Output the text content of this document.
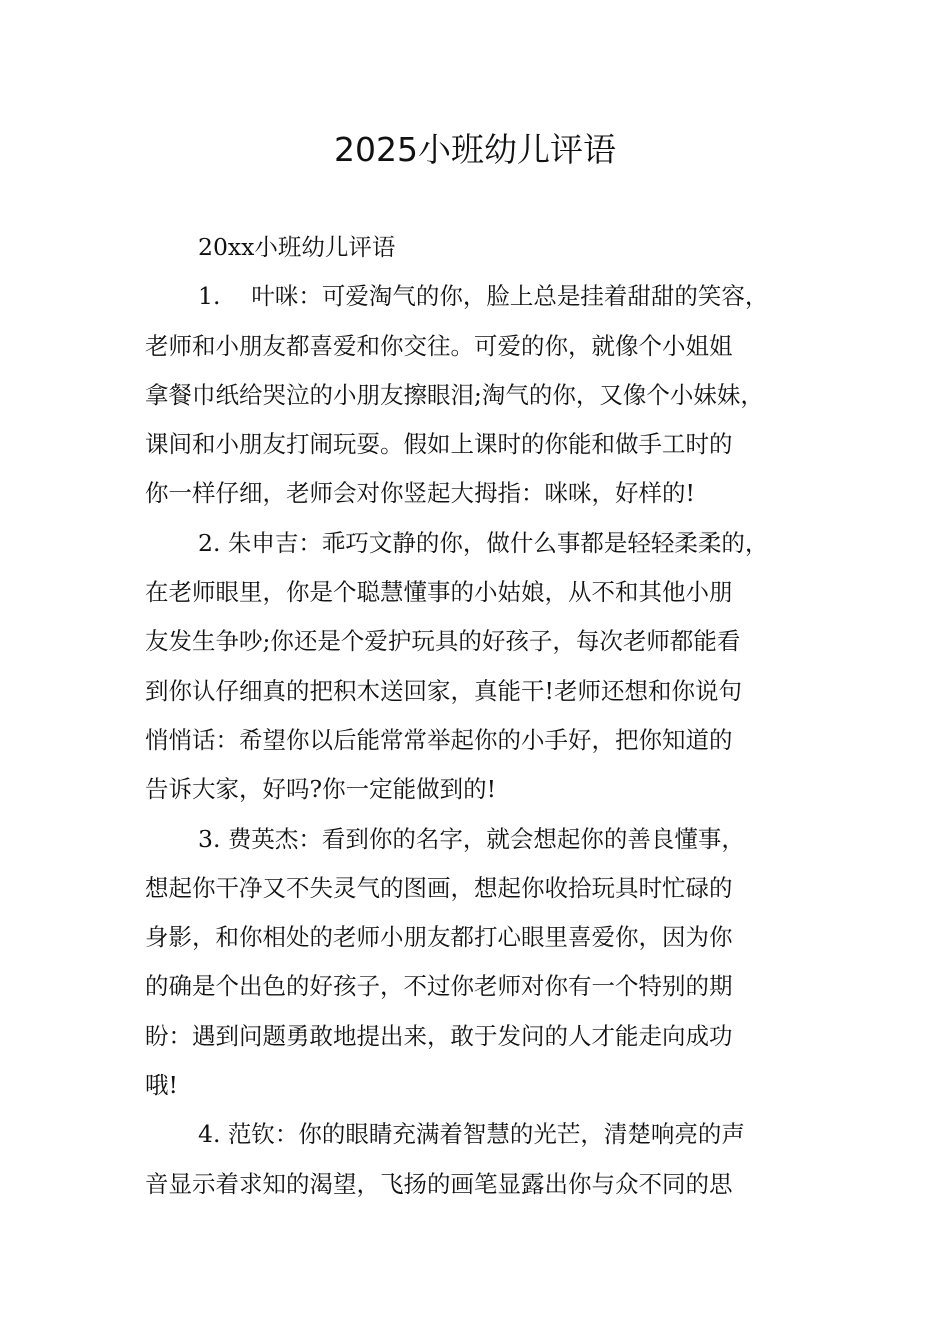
2025小班幼儿评语
20xx小班幼儿评语
1.　 叶咪：可爱淘气的你，脸上总是挂着甜甜的笑容，
老师和小朋友都喜爱和你交往。可爱的你，就像个小姐姐
拿餐巾纸给哭泣的小朋友擦眼泪;淘气的你，又像个小妹妹，
课间和小朋友打闹玩耍。假如上课时的你能和做手工时的
你一样仔细，老师会对你竖起大拇指：咪咪，好样的!
2. 朱申吉：乖巧文静的你，做什么事都是轻轻柔柔的，
在老师眼里，你是个聪慧懂事的小姑娘，从不和其他小朋
友发生争吵;你还是个爱护玩具的好孩子，每次老师都能看
到你认仔细真的把积木送回家，真能干!老师还想和你说句
悄悄话：希望你以后能常常举起你的小手好，把你知道的
告诉大家，好吗?你一定能做到的!
3. 费英杰：看到你的名字，就会想起你的善良懂事，
想起你干净又不失灵气的图画，想起你收拾玩具时忙碌的
身影，和你相处的老师小朋友都打心眼里喜爱你，因为你
的确是个出色的好孩子，不过你老师对你有一个特别的期
盼：遇到问题勇敢地提出来，敢于发问的人才能走向成功
哦!
4. 范钦：你的眼睛充满着智慧的光芒，清楚响亮的声
音显示着求知的渴望，飞扬的画笔显露出你与众不同的思
